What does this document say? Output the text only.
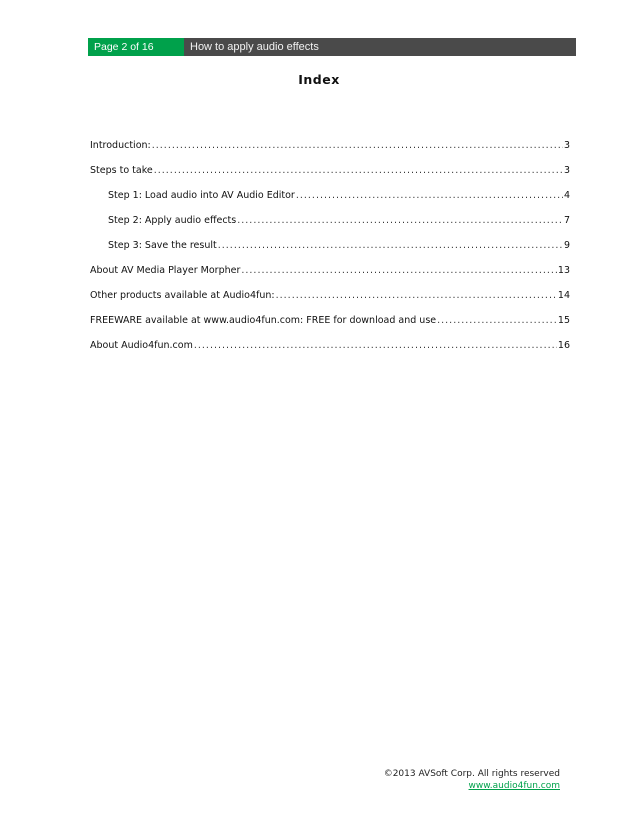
Page 2 of 16	How to apply audio effects
Index
Introduction: .....	3
Steps to take .....	3
Step 1: Load audio into AV Audio Editor .....	4
Step 2: Apply audio effects .....	7
Step 3: Save the result .....	9
About AV Media Player Morpher .....	13
Other products available at Audio4fun: .....	14
FREEWARE available at www.audio4fun.com: FREE for download and use .....	15
About Audio4fun.com .....	16
©2013 AVSoft Corp. All rights reserved
www.audio4fun.com
